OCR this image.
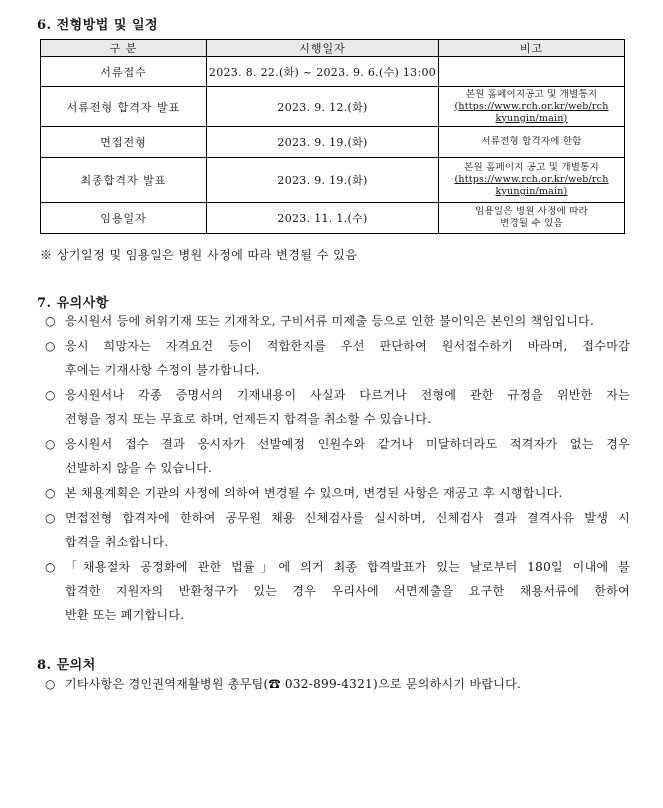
6. 전형방법 및 일정
구 분	시행일자	비고
서류접수	2023. 8. 22.(화) ~ 2023. 9. 6.(수) 13:00	
서류전형 합격자 발표	2023. 9. 12.(화)	본원 홈페이지공고 및 개별통지
(https://www.rch.or.kr/web/rch
kyungin/main)

면접전형	2023. 9. 19.(화)	서류전형 합격자에 한함

최종합격자 발표	2023. 9. 19.(화)	본원 홈페이지 공고 및 개별통지
(https://www.rch.or.kr/web/rch
kyungin/main)

임용일자	2023. 11. 1.(수)	임용일은 병원 사정에 따라
변경될 수 있음
※ 상기일정 및 임용일은 병원 사정에 따라 변경될 수 있음
7. 유의사항
○ 응시원서 등에 허위기재 또는 기재착오, 구비서류 미제출 등으로 인한 불이익은 본인의 책임입니다.
○ 응시 희망자는 자격요건 등이 적합한지를 우선 판단하여 원서접수하기 바라며, 접수마감
후에는 기재사항 수정이 불가합니다.
○ 응시원서나 각종 증명서의 기재내용이 사실과 다르거나 전형에 관한 규정을 위반한 자는
전형을 정지 또는 무효로 하며, 언제든지 합격을 취소할 수 있습니다.
○ 응시원서 접수 결과 응시자가 선발예정 인원수와 같거나 미달하더라도 적격자가 없는 경우
선발하지 않을 수 있습니다.
○ 본 채용계획은 기관의 사정에 의하여 변경될 수 있으며, 변경된 사항은 재공고 후 시행합니다.
○ 면접전형 합격자에 한하여 공무원 채용 신체검사를 실시하며, 신체검사 결과 결격사유 발생 시
합격을 취소합니다.
○ 「채용절차 공정화에 관한 법률」에 의거 최종 합격발표가 있는 날로부터 180일 이내에 불
합격한 지원자의 반환청구가 있는 경우 우리사에 서면제출을 요구한 채용서류에 한하여
반환 또는 폐기합니다.
8. 문의처
○ 기타사항은 경인권역재활병원 총무팀(☎ 032-899-4321)으로 문의하시기 바랍니다.
